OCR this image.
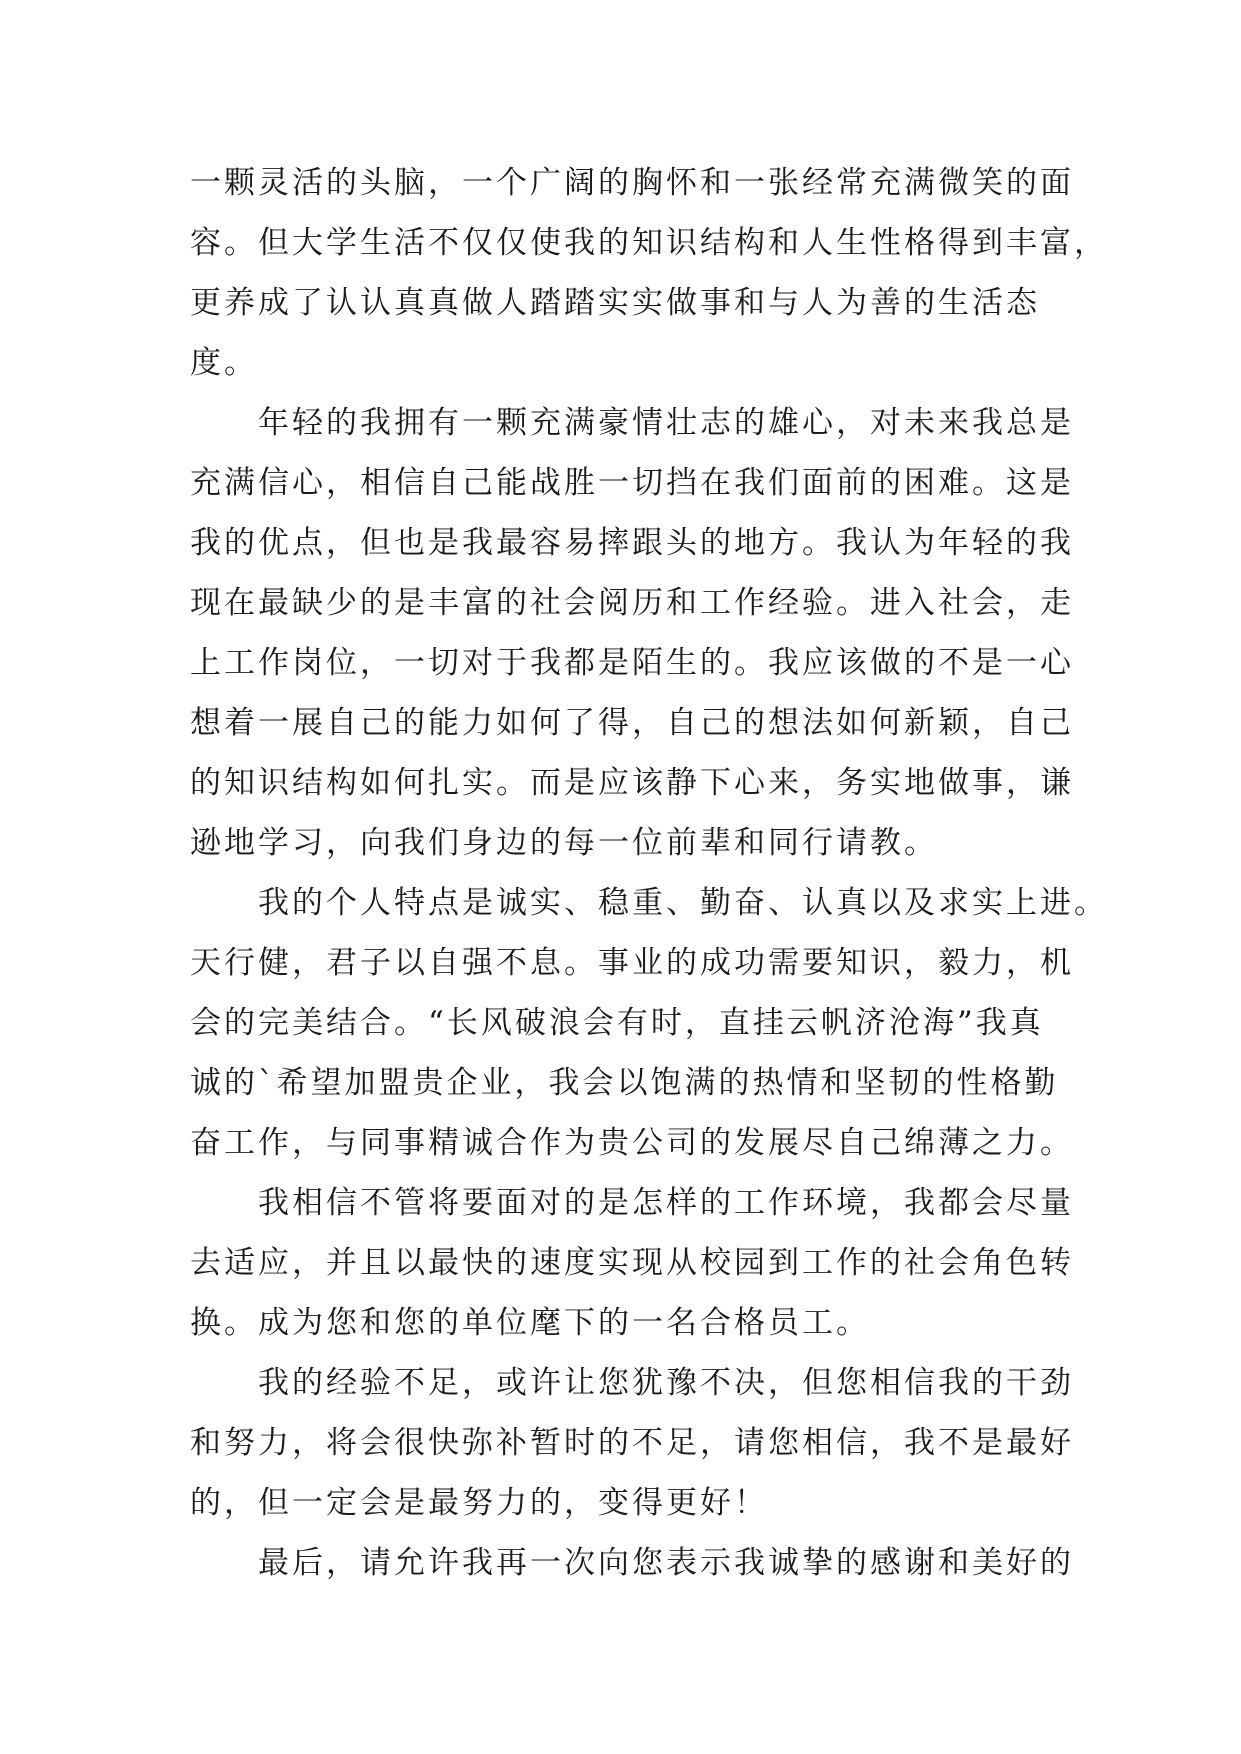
一颗灵活的头脑，一个广阔的胸怀和一张经常充满微笑的面
容。但大学生活不仅仅使我的知识结构和人生性格得到丰富，
更养成了认认真真做人踏踏实实做事和与人为善的生活态
度。
年轻的我拥有一颗充满豪情壮志的雄心，对未来我总是
充满信心，相信自己能战胜一切挡在我们面前的困难。这是
我的优点，但也是我最容易摔跟头的地方。我认为年轻的我
现在最缺少的是丰富的社会阅历和工作经验。进入社会，走
上工作岗位，一切对于我都是陌生的。我应该做的不是一心
想着一展自己的能力如何了得，自己的想法如何新颖，自己
的知识结构如何扎实。而是应该静下心来，务实地做事，谦
逊地学习，向我们身边的每一位前辈和同行请教。
我的个人特点是诚实、稳重、勤奋、认真以及求实上进。
天行健，君子以自强不息。事业的成功需要知识，毅力，机
会的完美结合。“长风破浪会有时，直挂云帆济沧海”我真
诚的`希望加盟贵企业，我会以饱满的热情和坚韧的性格勤
奋工作，与同事精诚合作为贵公司的发展尽自己绵薄之力。
我相信不管将要面对的是怎样的工作环境，我都会尽量
去适应，并且以最快的速度实现从校园到工作的社会角色转
换。成为您和您的单位麾下的一名合格员工。
我的经验不足，或许让您犹豫不决，但您相信我的干劲
和努力，将会很快弥补暂时的不足，请您相信，我不是最好
的，但一定会是最努力的，变得更好！
最后，请允许我再一次向您表示我诚挚的感谢和美好的
